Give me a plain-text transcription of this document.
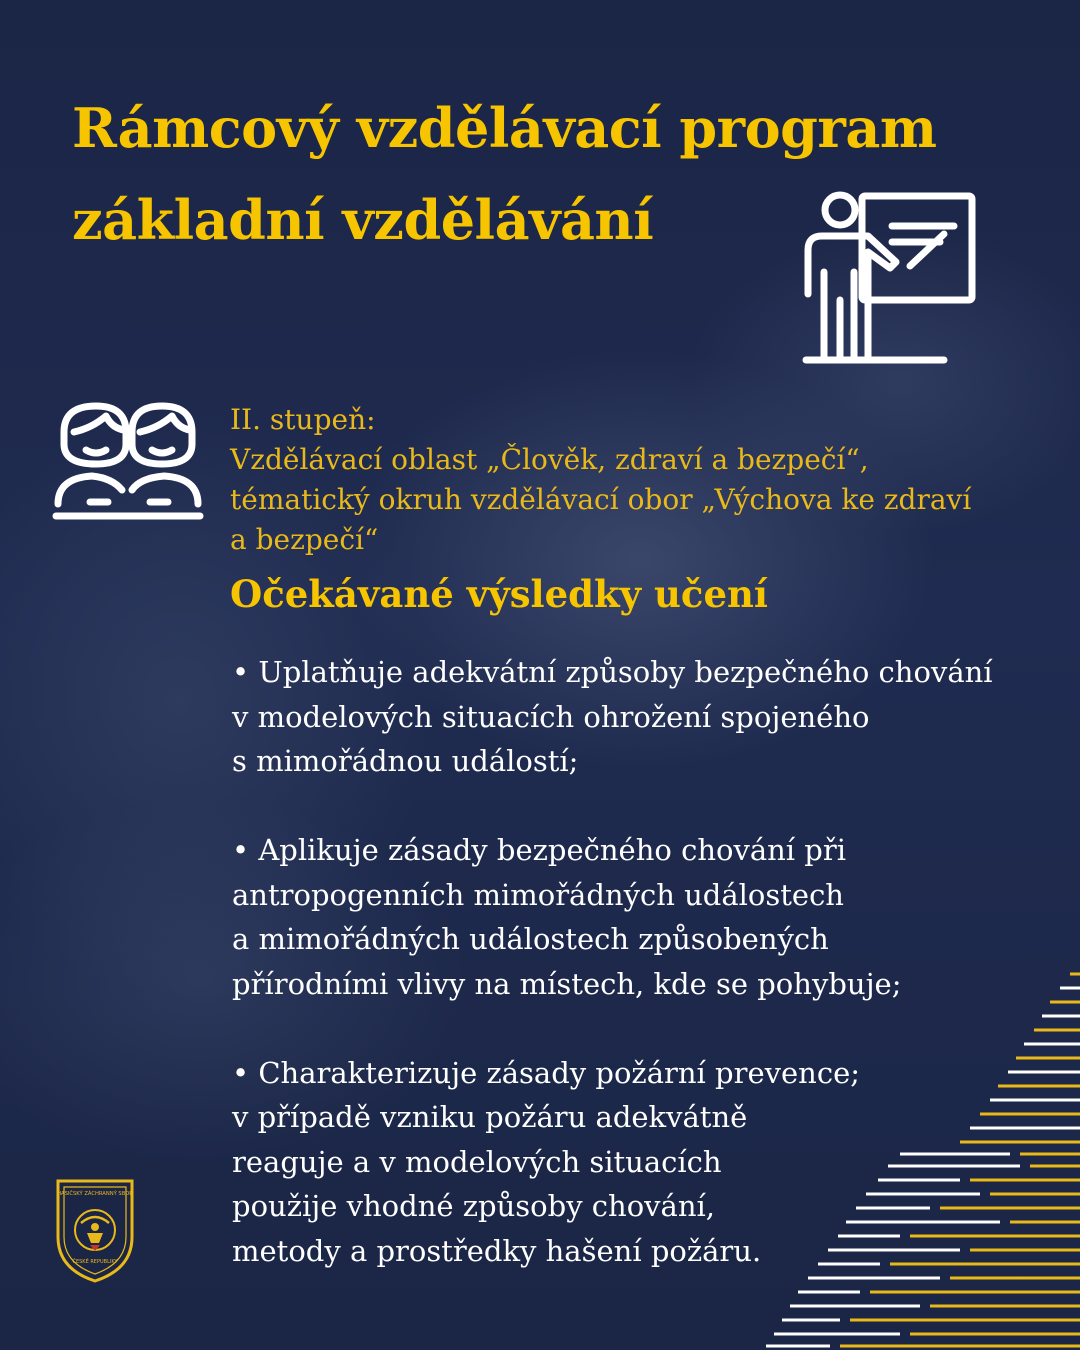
Rámcový vzdělávací program
základní vzdělávání
II. stupeň:
Vzdělávací oblast „Člověk, zdraví a bezpečí“,
tématický okruh vzdělávací obor „Výchova ke zdraví
a bezpečí“
Očekávané výsledky učení
• Uplatňuje adekvátní způsoby bezpečného chování
v modelových situacích ohrožení spojeného
s mimořádnou událostí;
• Aplikuje zásady bezpečného chování při
antropogenních mimořádných událostech
a mimořádných událostech způsobených
přírodními vlivy na místech, kde se pohybuje;
• Charakterizuje zásady požární prevence;
v případě vzniku požáru adekvátně
reaguje a v modelových situacích
použije vhodné způsoby chování,
metody a prostředky hašení požáru.
HASIČSKÝ ZÁCHRANNÝ SBOR
ČESKÉ REPUBLIKY
